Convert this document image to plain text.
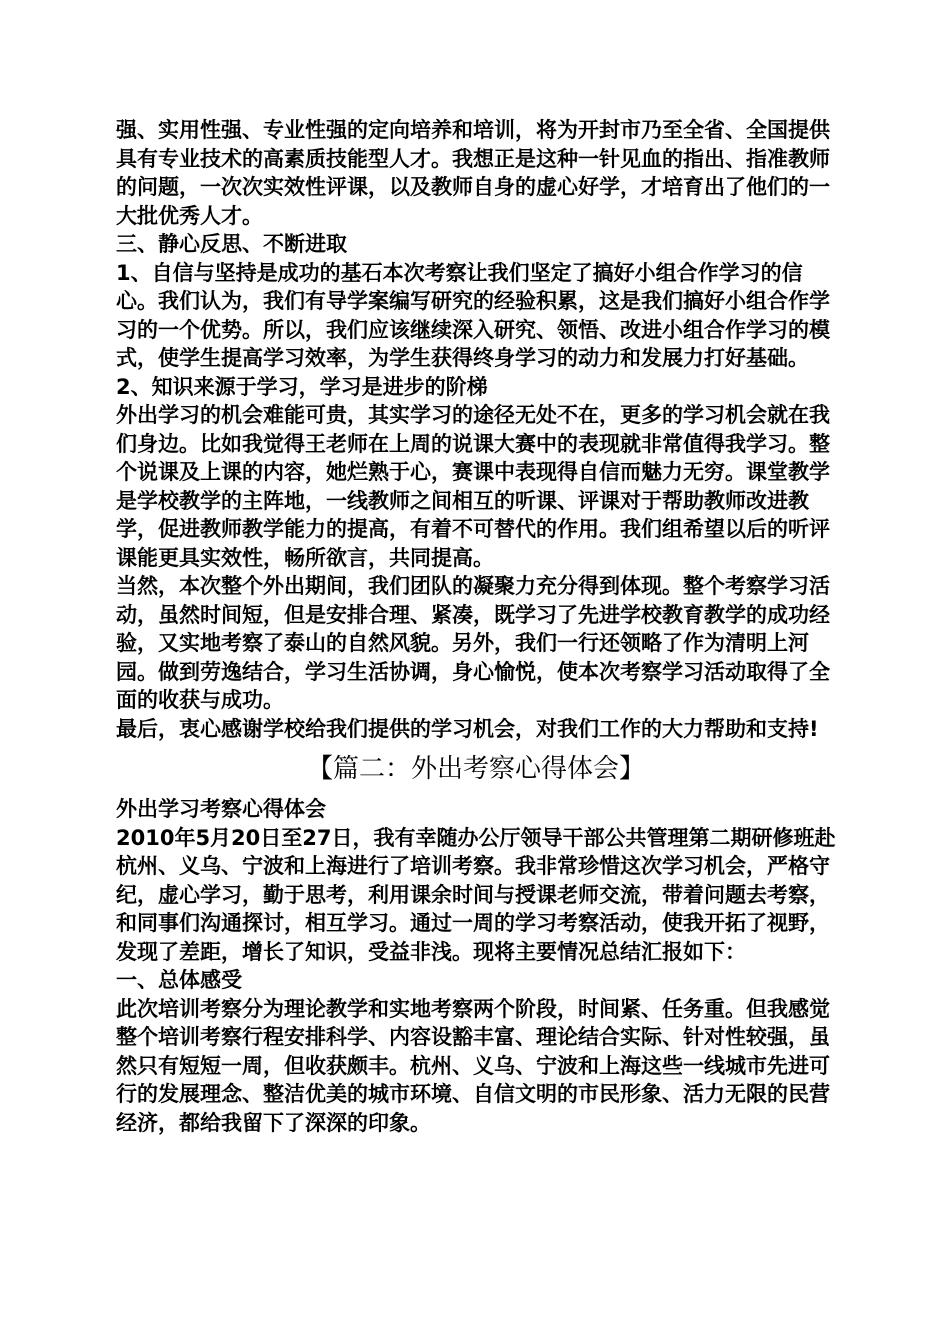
强、实用性强、专业性强的定向培养和培训，将为开封市乃至全省、全国提供具有专业技术的高素质技能型人才。我想正是这种一针见血的指出、指准教师的问题，一次次实效性评课，以及教师自身的虚心好学，才培育出了他们的一大批优秀人才。

三、静心反思、不断进取

1、自信与坚持是成功的基石本次考察让我们坚定了搞好小组合作学习的信心。我们认为，我们有导学案编写研究的经验积累，这是我们搞好小组合作学习的一个优势。所以，我们应该继续深入研究、领悟、改进小组合作学习的模式，使学生提高学习效率，为学生获得终身学习的动力和发展力打好基础。

2、知识来源于学习，学习是进步的阶梯

外出学习的机会难能可贵，其实学习的途径无处不在，更多的学习机会就在我们身边。比如我觉得王老师在上周的说课大赛中的表现就非常值得我学习。整个说课及上课的内容，她烂熟于心，赛课中表现得自信而魅力无穷。课堂教学是学校教学的主阵地，一线教师之间相互的听课、评课对于帮助教师改进教学，促进教师教学能力的提高，有着不可替代的作用。我们组希望以后的听评课能更具实效性，畅所欲言，共同提高。

当然，本次整个外出期间，我们团队的凝聚力充分得到体现。整个考察学习活动，虽然时间短，但是安排合理、紧凑，既学习了先进学校教育教学的成功经验，又实地考察了泰山的自然风貌。另外，我们一行还领略了作为清明上河园。做到劳逸结合，学习生活协调，身心愉悦，使本次考察学习活动取得了全面的收获与成功。

最后，衷心感谢学校给我们提供的学习机会，对我们工作的大力帮助和支持!

【篇二：外出考察心得体会】

外出学习考察心得体会

2010年5月20日至27日，我有幸随办公厅领导干部公共管理第二期研修班赴杭州、义乌、宁波和上海进行了培训考察。我非常珍惜这次学习机会，严格守纪，虚心学习，勤于思考，利用课余时间与授课老师交流，带着问题去考察，和同事们沟通探讨，相互学习。通过一周的学习考察活动，使我开拓了视野，发现了差距，增长了知识，受益非浅。现将主要情况总结汇报如下：

一、总体感受

此次培训考察分为理论教学和实地考察两个阶段，时间紧、任务重。但我感觉整个培训考察行程安排科学、内容设豁丰富、理论结合实际、针对性较强，虽然只有短短一周，但收获颇丰。杭州、义乌、宁波和上海这些一线城市先进可行的发展理念、整洁优美的城市环境、自信文明的市民形象、活力无限的民营经济，都给我留下了深深的印象。
